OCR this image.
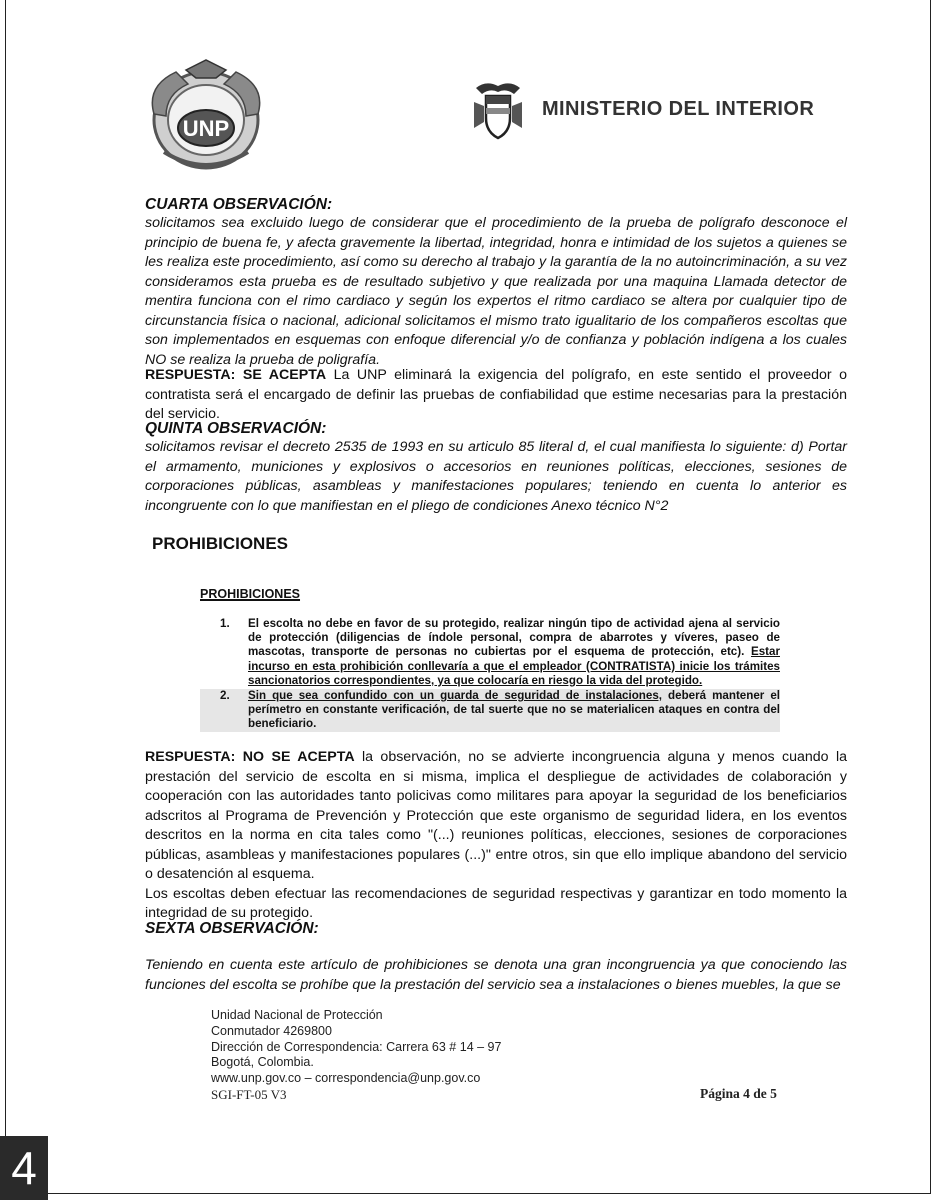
UNP
MINISTERIO DEL INTERIOR

CUARTA OBSERVACIÓN:

solicitamos sea excluido luego de considerar que el procedimiento de la prueba de polígrafo desconoce el principio de buena fe, y afecta gravemente la libertad, integridad, honra e intimidad de los sujetos a quienes se les realiza este procedimiento, así como su derecho al trabajo y la garantía de la no autoincriminación, a su vez consideramos esta prueba es de resultado subjetivo y que realizada por una maquina Llamada detector de mentira funciona con el rimo cardiaco y según los expertos el ritmo cardiaco se altera por cualquier tipo de circunstancia física o nacional, adicional solicitamos el mismo trato igualitario de los compañeros escoltas que son implementados en esquemas con enfoque diferencial y/o de confianza y población indígena a los cuales NO se realiza la prueba de poligrafía.

RESPUESTA: SE ACEPTA La UNP eliminará la exigencia del polígrafo, en este sentido el proveedor o contratista será el encargado de definir las pruebas de confiabilidad que estime necesarias para la prestación del servicio.

QUINTA OBSERVACIÓN:

solicitamos revisar el decreto 2535 de 1993 en su articulo 85 literal d, el cual manifiesta lo siguiente: d) Portar el armamento, municiones y explosivos o accesorios en reuniones políticas, elecciones, sesiones de corporaciones públicas, asambleas y manifestaciones populares; teniendo en cuenta lo anterior es incongruente con lo que manifiestan en el pliego de condiciones Anexo técnico N°2

PROHIBICIONES

PROHIBICIONES

1.	El escolta no debe en favor de su protegido, realizar ningún tipo de actividad ajena al servicio de protección (diligencias de índole personal, compra de abarrotes y víveres, paseo de mascotas, transporte de personas no cubiertas por el esquema de protección, etc). Estar incurso en esta prohibición conllevaría a que el empleador (CONTRATISTA) inicie los trámites sancionatorios correspondientes, ya que colocaría en riesgo la vida del protegido.
2.	Sin que sea confundido con un guarda de seguridad de instalaciones, deberá mantener el perímetro en constante verificación, de tal suerte que no se materialicen ataques en contra del beneficiario.

RESPUESTA: NO SE ACEPTA la observación, no se advierte incongruencia alguna y menos cuando la prestación del servicio de escolta en si misma, implica el despliegue de actividades de colaboración y cooperación con las autoridades tanto policivas como militares para apoyar la seguridad de los beneficiarios adscritos al Programa de Prevención y Protección que este organismo de seguridad lidera, en los eventos descritos en la norma en cita tales como "(...) reuniones políticas, elecciones, sesiones de corporaciones públicas, asambleas y manifestaciones populares (...)" entre otros, sin que ello implique abandono del servicio o desatención al esquema.

Los escoltas deben efectuar las recomendaciones de seguridad respectivas y garantizar en todo momento la integridad de su protegido.

SEXTA OBSERVACIÓN:

Teniendo en cuenta este artículo de prohibiciones se denota una gran incongruencia ya que conociendo las funciones del escolta se prohíbe que la prestación del servicio sea a instalaciones o bienes muebles, la que se

Unidad Nacional de Protección
Conmutador 4269800
Dirección de Correspondencia: Carrera 63 # 14 – 97
Bogotá, Colombia.
www.unp.gov.co – correspondencia@unp.gov.co
SGI-FT-05 V3	Página 4 de 5
4
